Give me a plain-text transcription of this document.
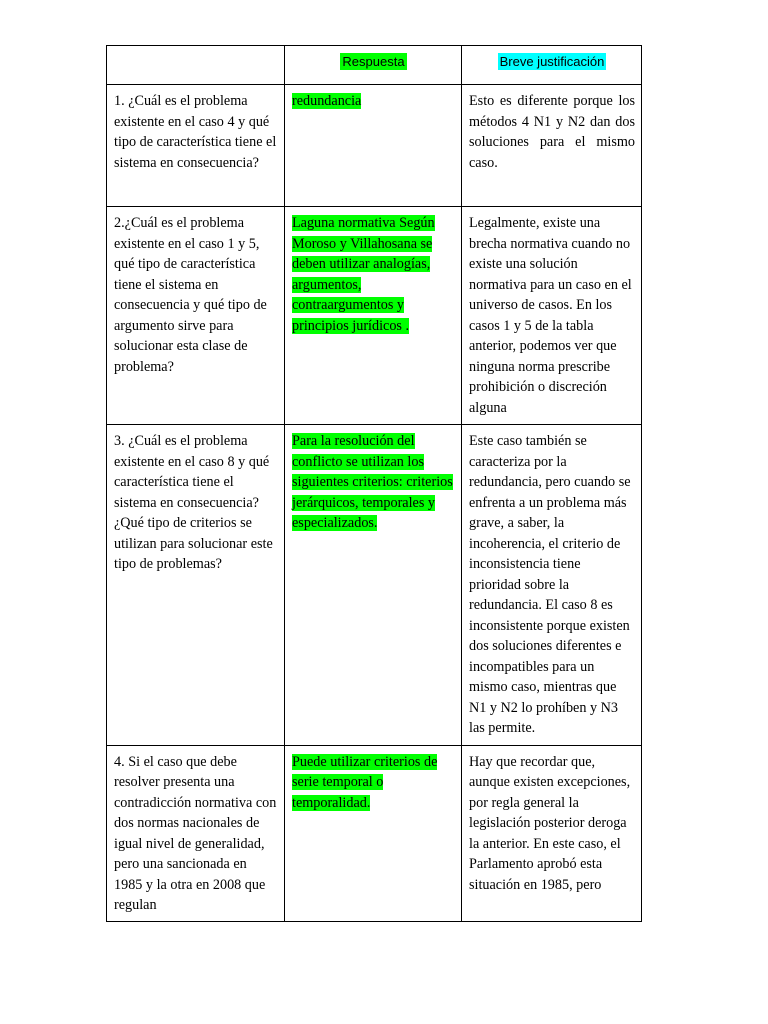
	Respuesta	Breve justificación
1. ¿Cuál es el problema existente en el caso 4 y qué tipo de característica tiene el sistema en consecuencia?	redundancia	Esto es diferente porque los métodos 4 N1 y N2 dan dos soluciones para el mismo caso.
2.¿Cuál es el problema existente en el caso 1 y 5, qué tipo de característica tiene el sistema en consecuencia y qué tipo de argumento sirve para solucionar esta clase de problema?	Laguna normativa Según Moroso y Villahosana se deben utilizar analogías, argumentos, contraargumentos y principios jurídicos .	Legalmente, existe una brecha normativa cuando no existe una solución normativa para un caso en el universo de casos. En los casos 1 y 5 de la tabla anterior, podemos ver que ninguna norma prescribe prohibición o discreción alguna
3. ¿Cuál es el problema existente en el caso 8 y qué característica tiene el sistema en consecuencia? ¿Qué tipo de criterios se utilizan para solucionar este tipo de problemas?	Para la resolución del conflicto se utilizan los siguientes criterios: criterios jerárquicos, temporales y especializados.	Este caso también se caracteriza por la redundancia, pero cuando se enfrenta a un problema más grave, a saber, la incoherencia, el criterio de inconsistencia tiene prioridad sobre la redundancia. El caso 8 es inconsistente porque existen dos soluciones diferentes e incompatibles para un mismo caso, mientras que N1 y N2 lo prohíben y N3 las permite.

4. Si el caso que debe resolver presenta una contradicción normativa con dos normas nacionales de igual nivel de generalidad, pero una sancionada en 1985 y la otra en 2008 que regulan	Puede utilizar criterios de serie temporal o temporalidad.	Hay que recordar que, aunque existen excepciones, por regla general la legislación posterior deroga la anterior. En este caso, el Parlamento aprobó esta situación en 1985, pero
